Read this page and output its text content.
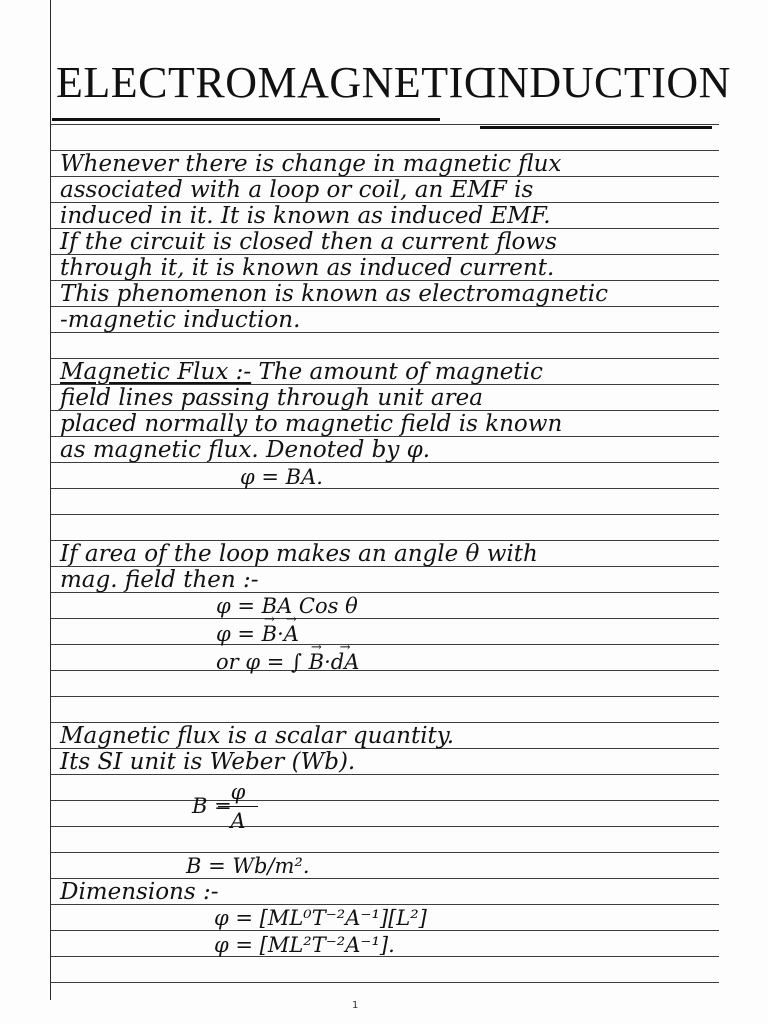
ELECTROMAGNETIC
INDUCTION
Whenever there is change in magnetic flux
associated with a loop or coil, an EMF is
induced in it. It is known as induced EMF.
If the circuit is closed then a current flows
through it, it is known as induced current.
This phenomenon is known as electromagnetic
-magnetic induction.
Magnetic Flux :- The amount of magnetic
field lines passing through unit area
placed normally to magnetic field is known
as magnetic flux. Denoted by φ.
φ = BA.
If area of the loop makes an angle θ with
mag. field then :-
φ = BA Cos θ
φ = B →·A →
or φ = ∫ B →·dA →
Magnetic flux is a scalar quantity.
Its SI unit is Weber (Wb).
B =
φ
A
B = Wb/m².
Dimensions :-
φ = [ML⁰T⁻²A⁻¹][L²]
φ = [ML²T⁻²A⁻¹].
1
